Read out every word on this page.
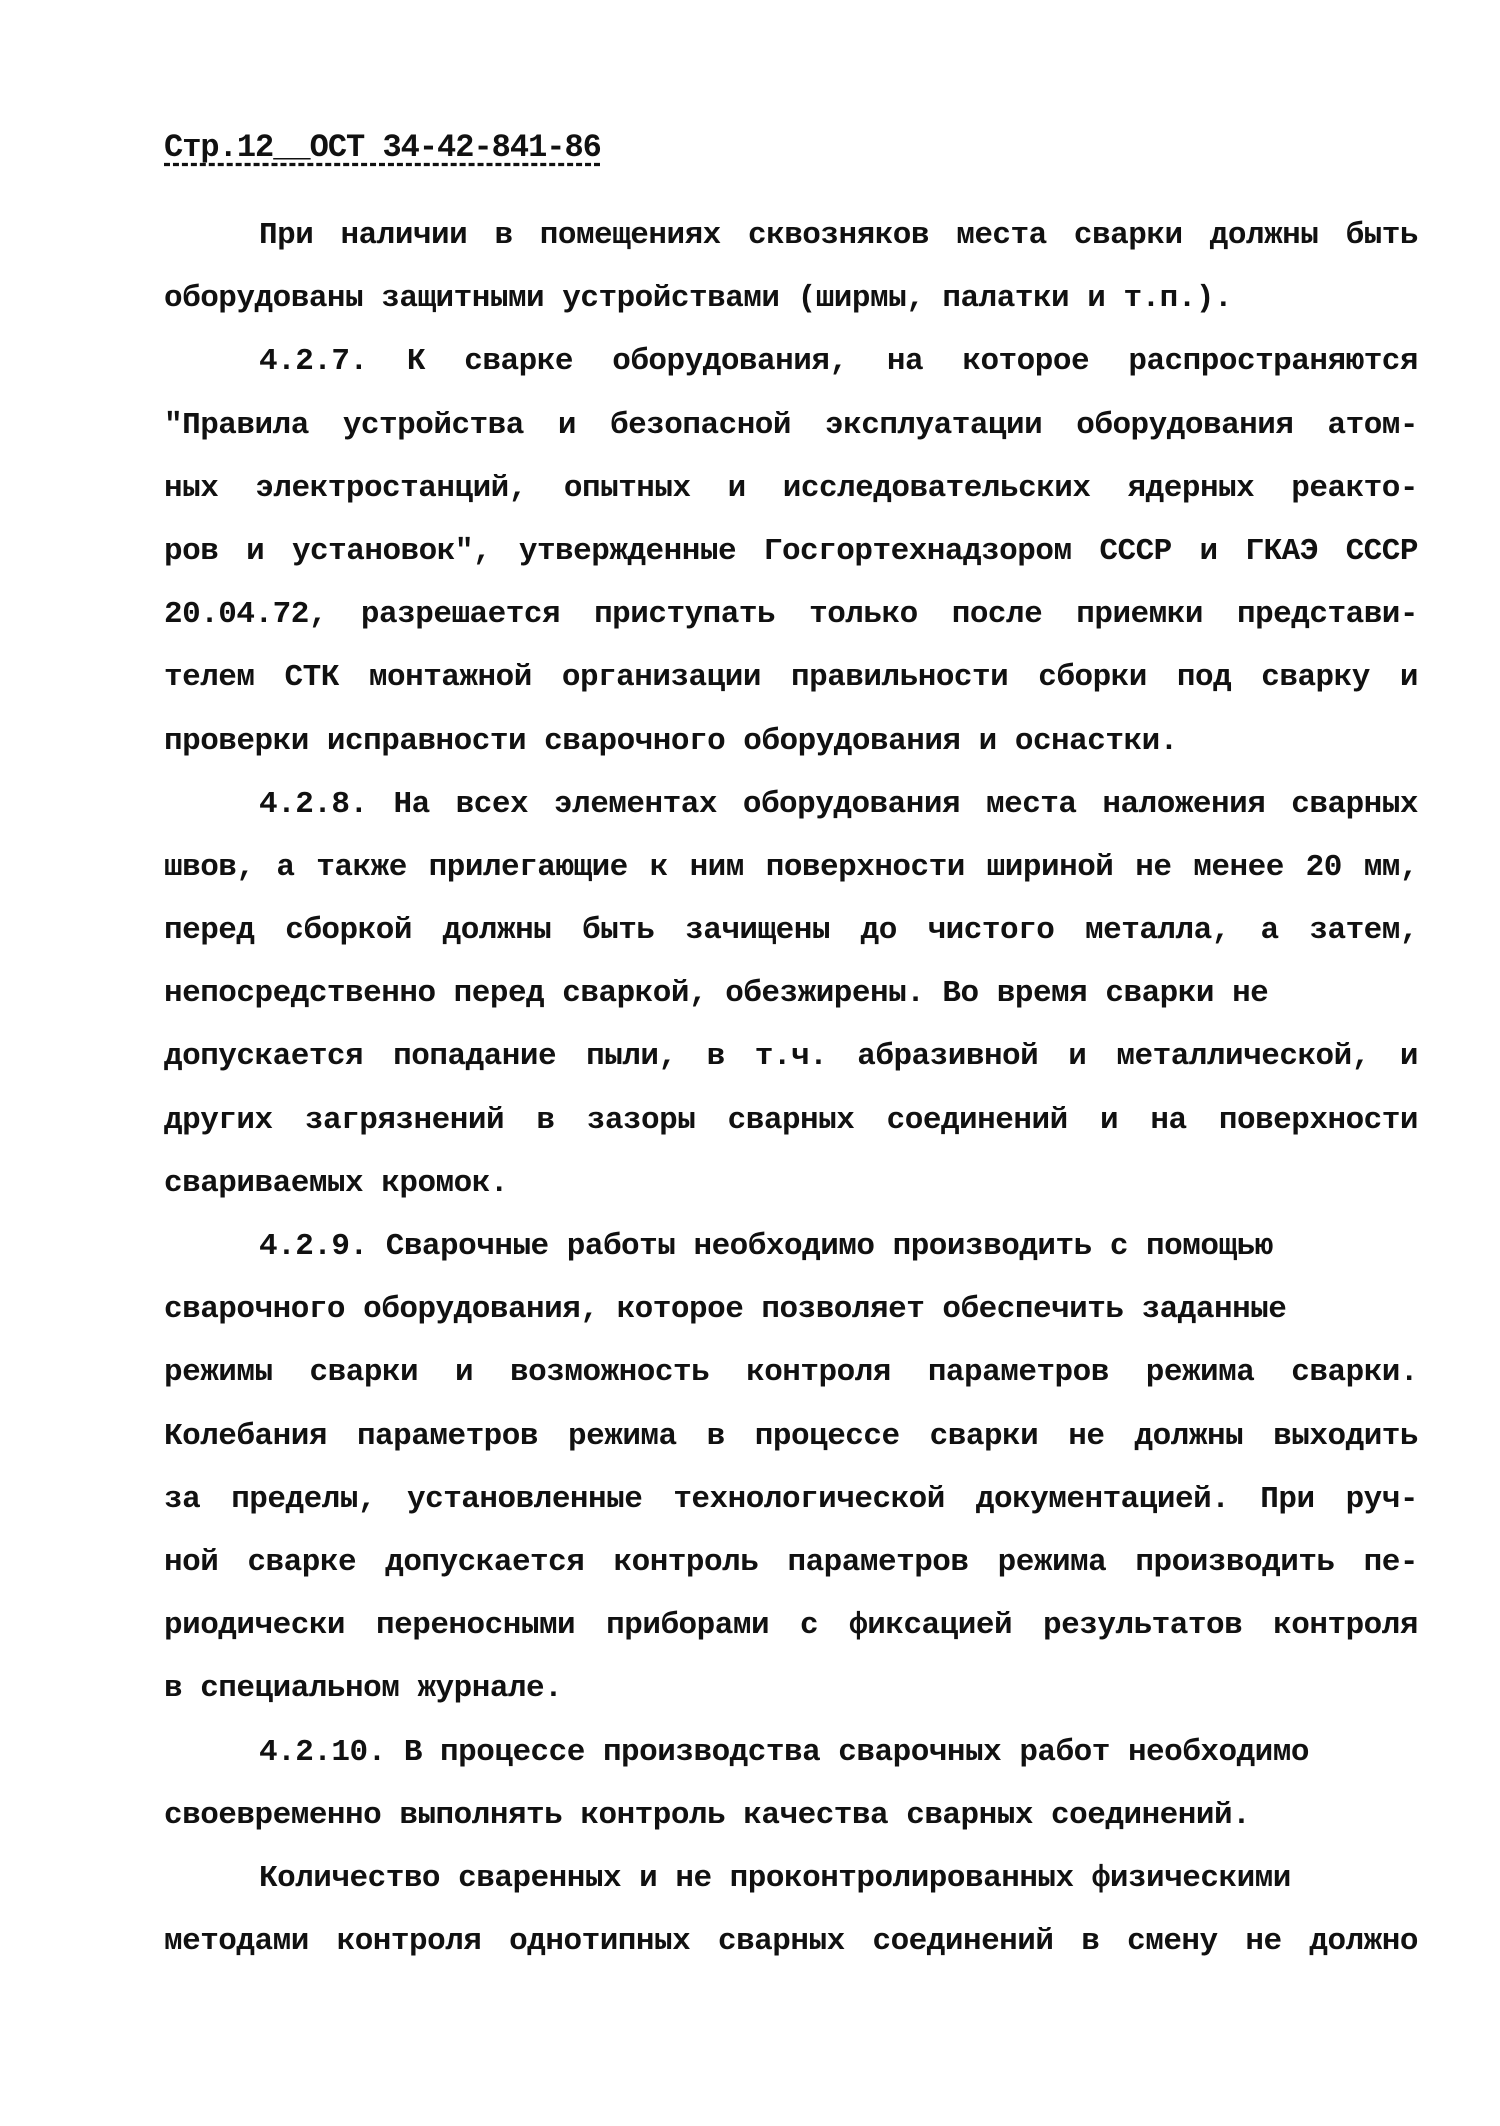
Стр.12__ОСТ 34-42-841-86
При наличии в помещениях сквозняков места сварки должны быть
оборудованы защитными устройствами (ширмы, палатки и т.п.).
4.2.7. К сварке оборудования, на которое распространяются
"Правила устройства и безопасной эксплуатации оборудования атом-
ных электростанций, опытных и исследовательских ядерных реакто-
ров и установок", утвержденные Госгортехнадзором СССР и ГКАЭ СССР
20.04.72, разрешается приступать только после приемки представи-
телем СТК монтажной организации правильности сборки под сварку и
проверки исправности сварочного оборудования и оснастки.
4.2.8. На всех элементах оборудования места наложения сварных
швов, а также прилегающие к ним поверхности шириной не менее 20 мм,
перед сборкой должны быть зачищены до чистого металла, а затем,
непосредственно перед сваркой, обезжирены. Во время сварки не
допускается попадание пыли, в т.ч. абразивной и металлической, и
других загрязнений в зазоры сварных соединений и на поверхности
свариваемых кромок.
4.2.9. Сварочные работы необходимо производить с помощью
сварочного оборудования, которое позволяет обеспечить заданные
режимы сварки и возможность контроля параметров режима сварки.
Колебания параметров режима в процессе сварки не должны выходить
за пределы, установленные технологической документацией. При руч-
ной сварке допускается контроль параметров режима производить пе-
риодически переносными приборами с фиксацией результатов контроля
в специальном журнале.
4.2.10. В процессе производства сварочных работ необходимо
своевременно выполнять контроль качества сварных соединений.
Количество сваренных и не проконтролированных физическими
методами контроля однотипных сварных соединений в смену не должно
